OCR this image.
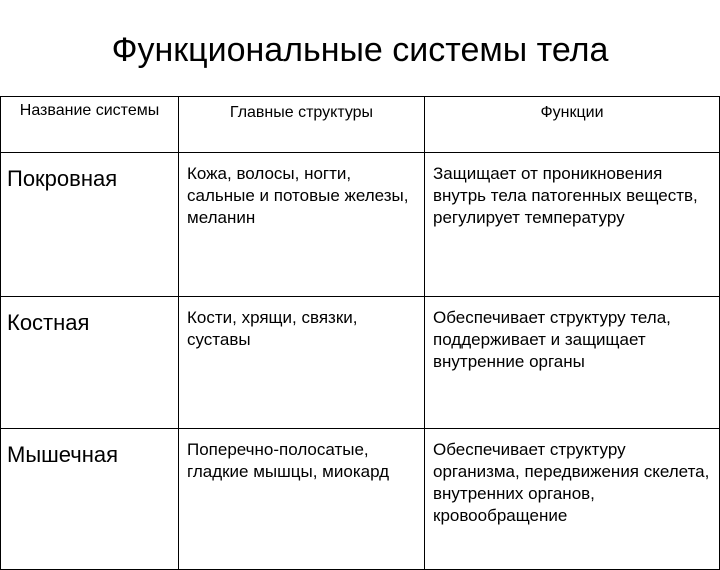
Функциональные системы тела
Название системы	Главные структуры	Функции

Покровная	Кожа, волосы, ногти, сальные и потовые железы, меланин	Защищает от проникновения внутрь тела патогенных веществ, регулирует температуру
Костная	Кости, хрящи, связки, суставы	Обеспечивает структуру тела, поддерживает и защищает внутренние органы
Мышечная	Поперечно-полосатые, гладкие мышцы, миокард	Обеспечивает структуру организма, передвижения скелета, внутренних органов, кровообращение
